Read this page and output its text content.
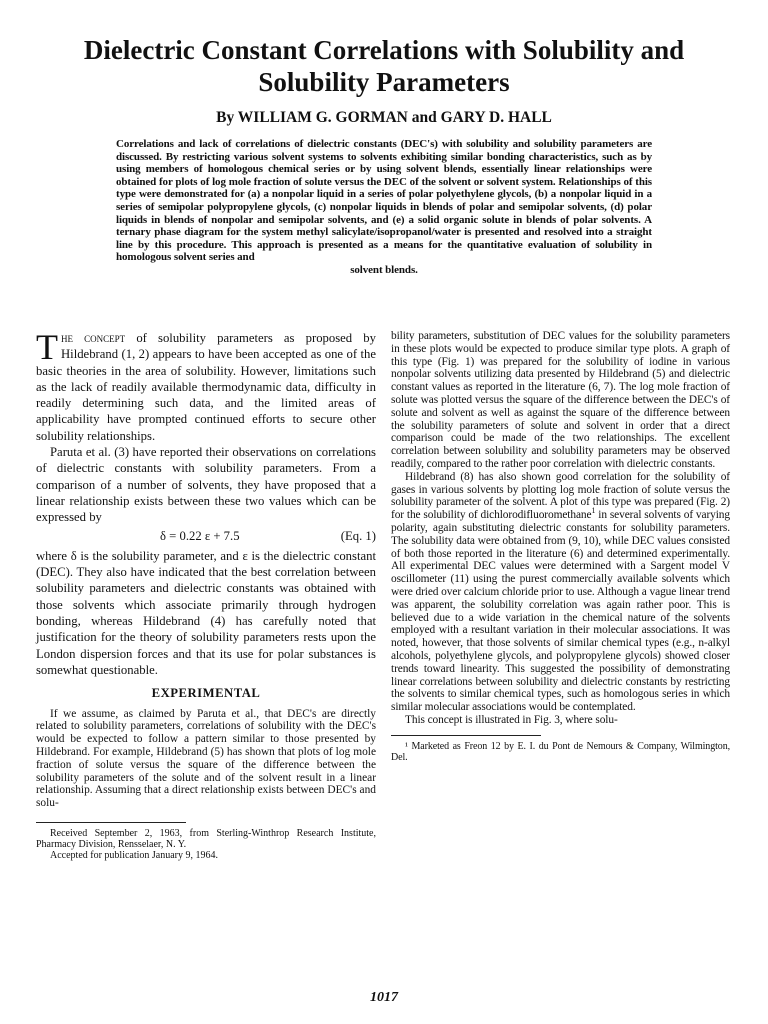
Dielectric Constant Correlations with Solubility and Solubility Parameters
By WILLIAM G. GORMAN and GARY D. HALL
Correlations and lack of correlations of dielectric constants (DEC's) with solubility and solubility parameters are discussed. By restricting various solvent systems to solvents exhibiting similar bonding characteristics, such as by using members of homologous chemical series or by using solvent blends, essentially linear relationships were obtained for plots of log mole fraction of solute versus the DEC of the solvent or solvent system. Relationships of this type were demonstrated for (a) a nonpolar liquid in a series of polar polyethylene glycols, (b) a nonpolar liquid in a series of semipolar polypropylene glycols, (c) nonpolar liquids in blends of polar and semipolar solvents, (d) polar liquids in blends of nonpolar and semipolar solvents, and (e) a solid organic solute in blends of polar solvents. A ternary phase diagram for the system methyl salicylate/isopropanol/water is presented and resolved into a straight line by this procedure. This approach is presented as a means for the quantitative evaluation of solubility in homologous solvent series and
solvent blends.

The concept of solubility parameters as proposed by Hildebrand (1, 2) appears to have been accepted as one of the basic theories in the area of solubility. However, limitations such as the lack of readily available thermodynamic data, difficulty in readily determining such data, and the limited areas of applicability have prompted continued efforts to secure other solubility relationships.

Paruta et al. (3) have reported their observations on correlations of dielectric constants with solubility parameters. From a comparison of a number of solvents, they have proposed that a linear relationship exists between these two values which can be expressed by

δ = 0.22 ε + 7.5	(Eq. 1)

where δ is the solubility parameter, and ε is the dielectric constant (DEC). They also have indicated that the best correlation between solubility parameters and dielectric constants was obtained with those solvents which associate primarily through hydrogen bonding, whereas Hildebrand (4) has carefully noted that justification for the theory of solubility parameters rests upon the London dispersion forces and that its use for polar substances is somewhat questionable.

EXPERIMENTAL

If we assume, as claimed by Paruta et al., that DEC's are directly related to solubility parameters, correlations of solubility with the DEC's would be expected to follow a pattern similar to those presented by Hildebrand. For example, Hildebrand (5) has shown that plots of log mole fraction of solute versus the square of the difference between the solubility parameters of the solute and of the solvent result in a linear relationship. Assuming that a direct relationship exists between DEC's and solu-

Received September 2, 1963, from Sterling-Winthrop Research Institute, Pharmacy Division, Rensselaer, N. Y.

Accepted for publication January 9, 1964.

bility parameters, substitution of DEC values for the solubility parameters in these plots would be expected to produce similar type plots. A graph of this type (Fig. 1) was prepared for the solubility of iodine in various nonpolar solvents utilizing data presented by Hildebrand (5) and dielectric constant values as reported in the literature (6, 7). The log mole fraction of solute was plotted versus the square of the difference between the DEC's of solute and solvent as well as against the square of the difference between the solubility parameters of solute and solvent in order that a direct comparison could be made of the two relationships. The excellent correlation between solubility and solubility parameters may be observed readily, compared to the rather poor correlation with dielectric constants.

Hildebrand (8) has also shown good correlation for the solubility of gases in various solvents by plotting log mole fraction of solute versus the solubility parameter of the solvent. A plot of this type was prepared (Fig. 2) for the solubility of dichlorodifluoromethane$^1$ in several solvents of varying polarity, again substituting dielectric constants for solubility parameters. The solubility data were obtained from (9, 10), while DEC values consisted of both those reported in the literature (6) and determined experimentally. All experimental DEC values were determined with a Sargent model V oscillometer (11) using the purest commercially available solvents which were dried over calcium chloride prior to use. Although a vague linear trend was apparent, the solubility correlation was again rather poor. This is believed due to a wide variation in the chemical nature of the solvents employed with a resultant variation in their molecular associations. It was noted, however, that those solvents of similar chemical types (e.g., n-alkyl alcohols, polyethylene glycols, and polypropylene glycols) showed closer trends toward linearity. This suggested the possibility of demonstrating linear correlations between solubility and dielectric constants by restricting the solvents to similar chemical types, such as homologous series in which similar molecular associations would be contemplated.

This concept is illustrated in Fig. 3, where solu-

¹ Marketed as Freon 12 by E. I. du Pont de Nemours & Company, Wilmington, Del.

1017
